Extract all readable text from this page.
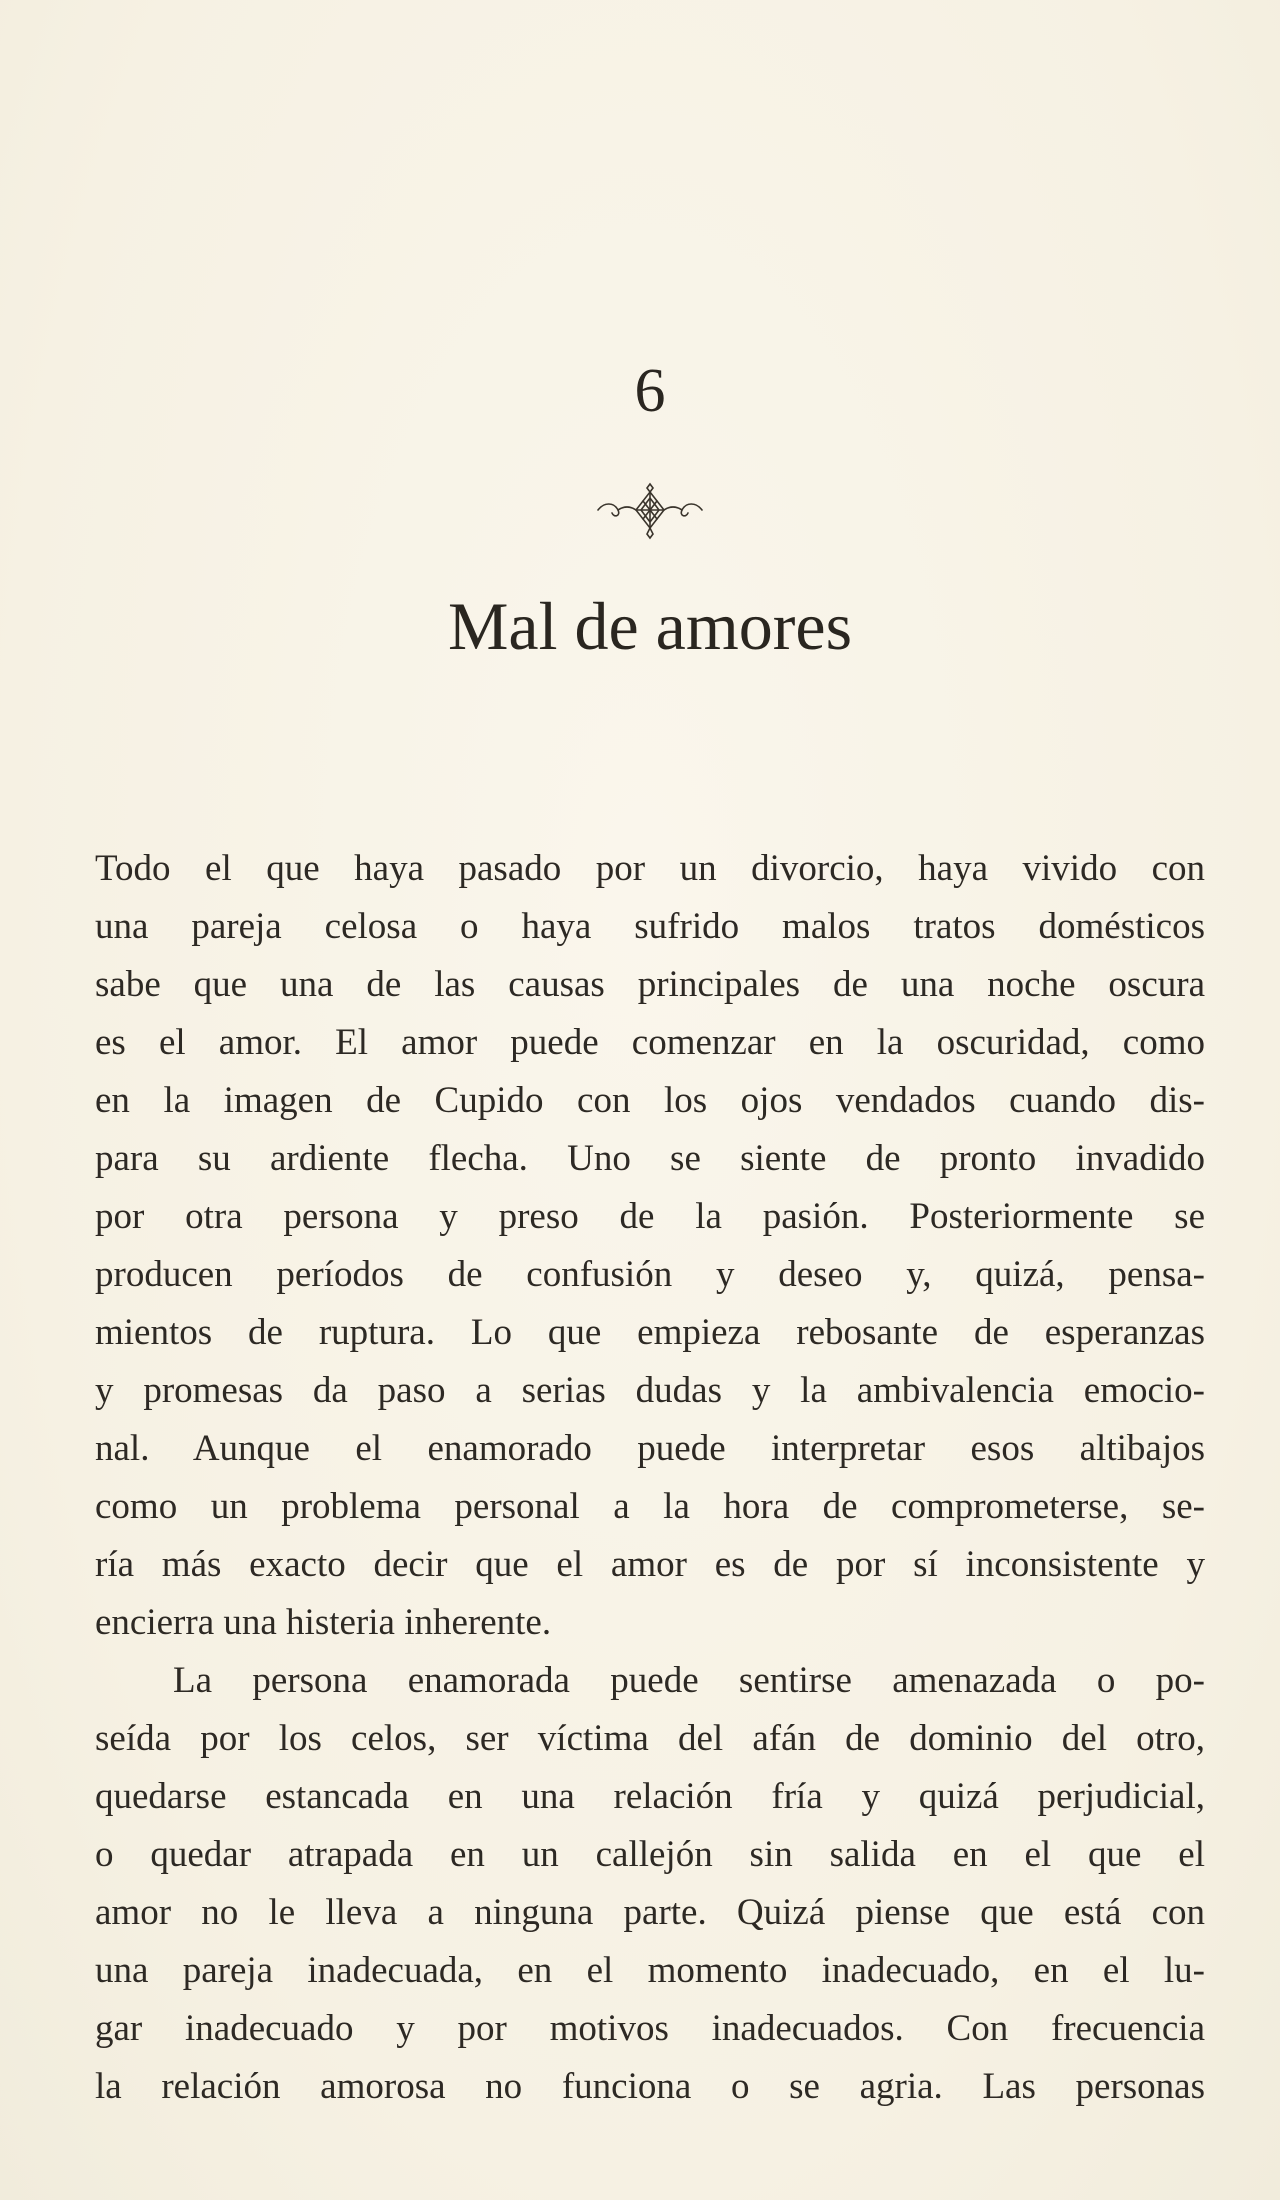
6
Mal de amores
Todo el que haya pasado por un divorcio, haya vivido con
una pareja celosa o haya sufrido malos tratos domésticos
sabe que una de las causas principales de una noche oscura
es el amor. El amor puede comenzar en la oscuridad, como
en la imagen de Cupido con los ojos vendados cuando dis-
para su ardiente flecha. Uno se siente de pronto invadido
por otra persona y preso de la pasión. Posteriormente se
producen períodos de confusión y deseo y, quizá, pensa-
mientos de ruptura. Lo que empieza rebosante de esperanzas
y promesas da paso a serias dudas y la ambivalencia emocio-
nal. Aunque el enamorado puede interpretar esos altibajos
como un problema personal a la hora de comprometerse, se-
ría más exacto decir que el amor es de por sí inconsistente y
encierra una histeria inherente.
La persona enamorada puede sentirse amenazada o po-
seída por los celos, ser víctima del afán de dominio del otro,
quedarse estancada en una relación fría y quizá perjudicial,
o quedar atrapada en un callejón sin salida en el que el
amor no le lleva a ninguna parte. Quizá piense que está con
una pareja inadecuada, en el momento inadecuado, en el lu-
gar inadecuado y por motivos inadecuados. Con frecuencia
la relación amorosa no funciona o se agria. Las personas
